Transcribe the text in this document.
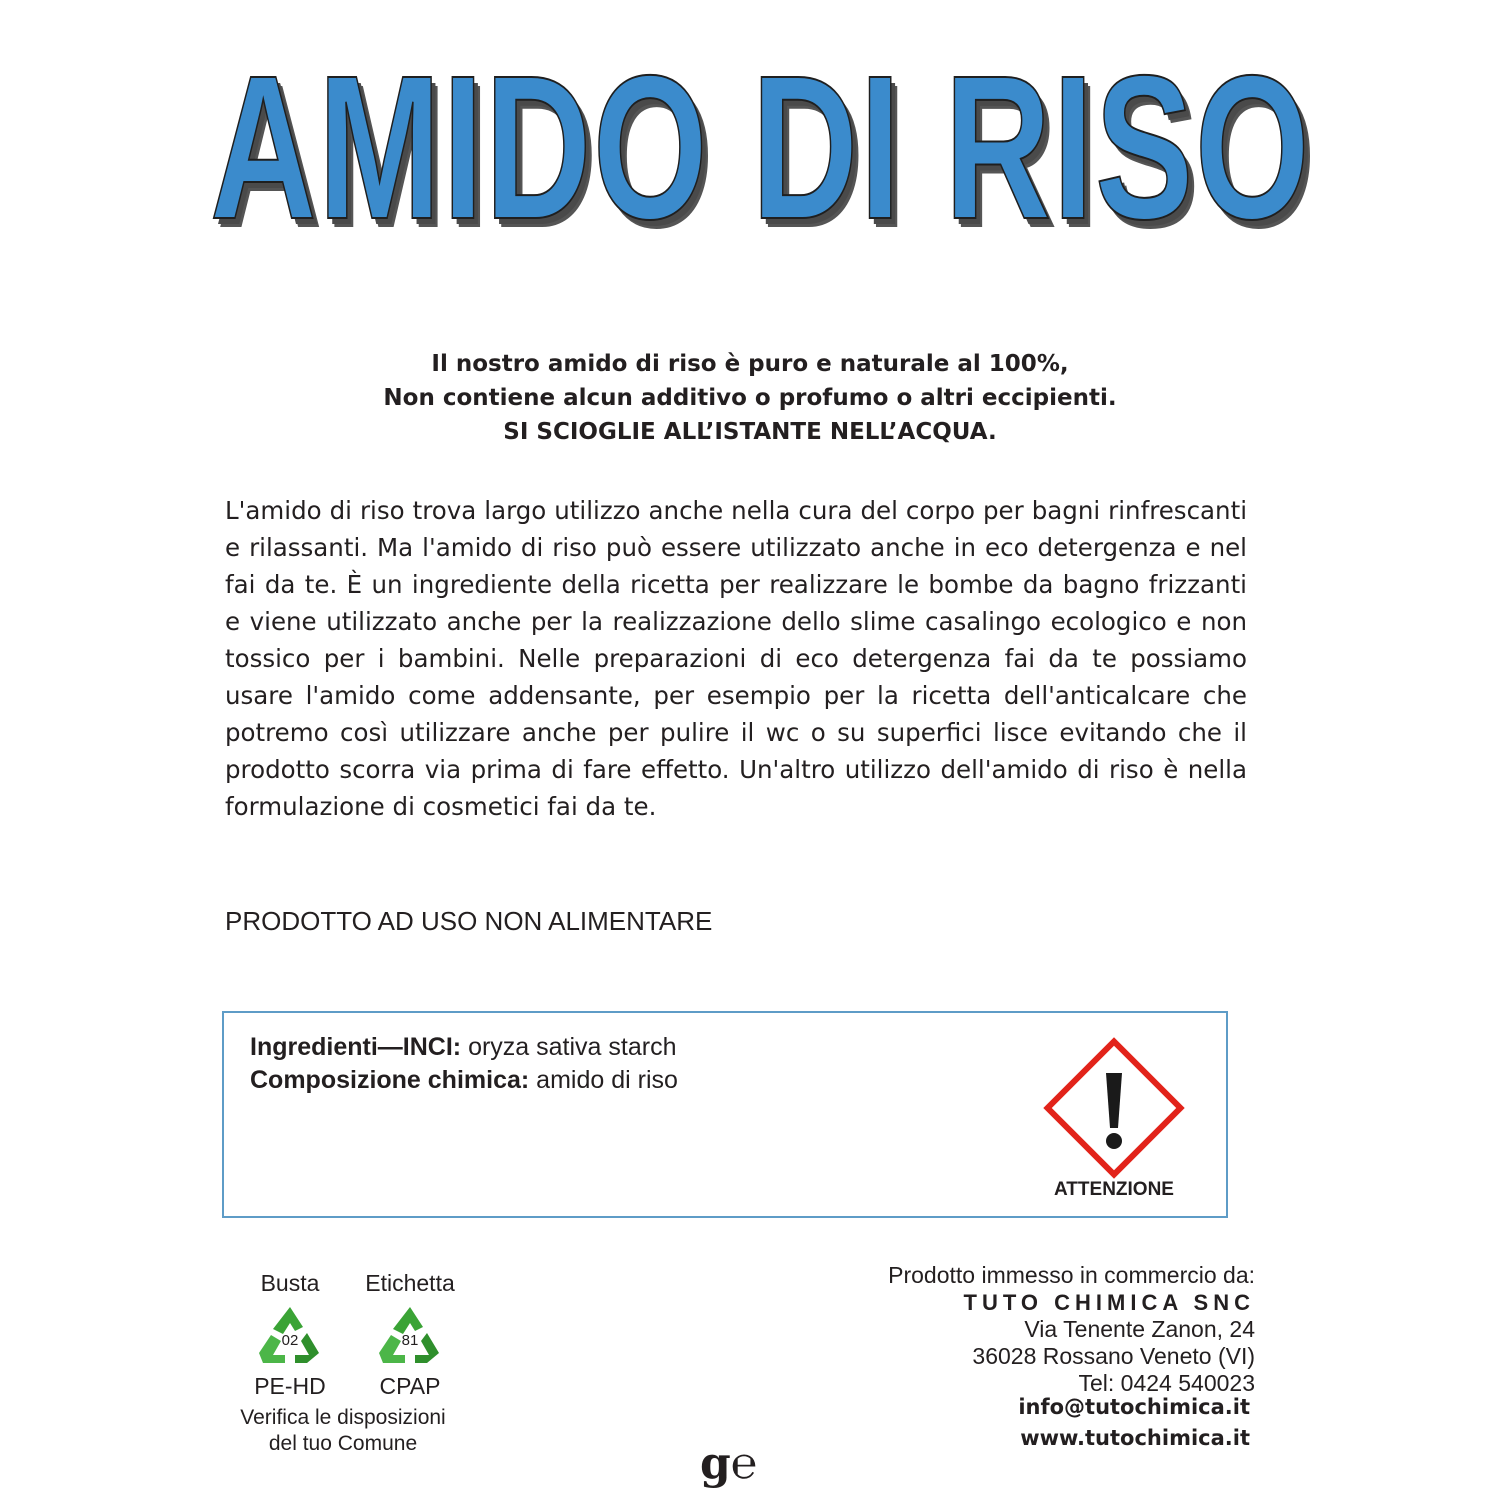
AMIDO DI RISO
Il nostro amido di riso è puro e naturale al 100%,
Non contiene alcun additivo o profumo o altri eccipienti.
SI SCIOGLIE ALL’ISTANTE NELL’ACQUA.
L'amido di riso trova largo utilizzo anche nella cura del corpo per bagni rinfrescanti e rilassanti. Ma l'amido di riso può essere utilizzato anche in eco detergenza e nel fai da te. È un ingrediente della ricetta per realizzare le bombe da bagno frizzanti e viene utilizzato anche per la realizzazione dello slime casalingo ecologico e non tossico per i bambini. Nelle preparazioni di eco detergenza fai da te possiamo usare l'amido come addensante, per esempio per la ricetta dell'anticalcare che potremo così utilizzare anche per pulire il wc o su superfici lisce evitando che il prodotto scorra via prima di fare effetto. Un'altro utilizzo dell'amido di riso è nella formulazione di cosmetici fai da te.
PRODOTTO AD USO NON ALIMENTARE
Ingredienti—INCI: oryza sativa starch
Composizione chimica: amido di riso
ATTENZIONE
Busta
02
PE-HD
Etichetta
81
CPAP
Verifica le disposizioni
del tuo Comune	g℮
Prodotto immesso in commercio da:
TUTO CHIMICA SNC
Via Tenente Zanon, 24
36028 Rossano Veneto (VI)
Tel: 0424 540023
info@tutochimica.it
www.tutochimica.it
